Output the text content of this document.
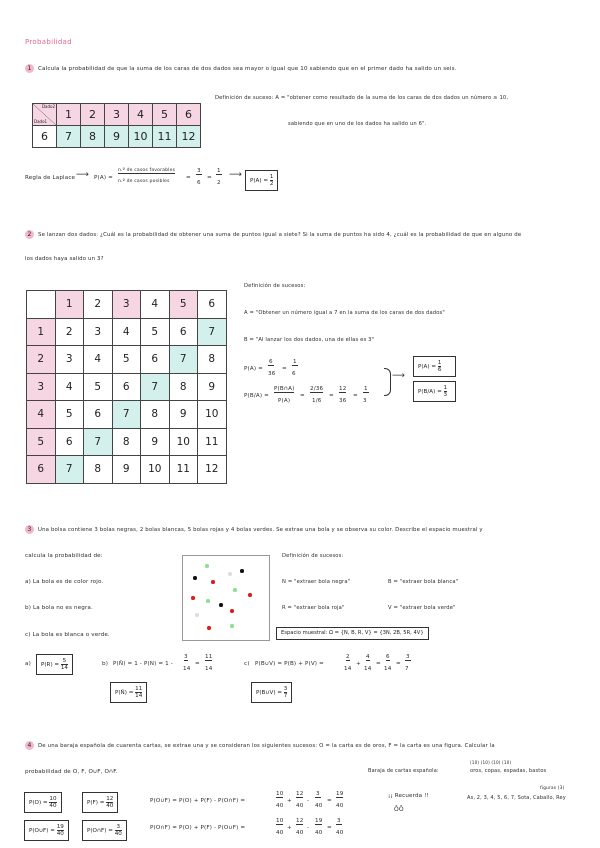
Probabilidad
1 Calcula la probabilidad de que la suma de los caras de dos dados sea mayor o igual que 10 sabiendo que en el primer dado ha salido un seis.
Dado2
Dado1	1	2	3	4	5	6
6	7	8	9	10	11	12
Definición de suceso: A = "obtener como resultado de la suma de los caras de dos dados un número ≥ 10,
sabiendo que en uno de los dados ha salido un 6".
Regla de Laplace ⟶ P(A) =
n.º de casos favorables
n.º de casos posibles
=
3
6
=
1
2
⟶
$P(A) = \frac{1}{2}$
2 Se lanzan dos dados: ¿Cuál es la probabilidad de obtener una suma de puntos igual a siete? Si la suma de puntos ha sido 4, ¿cuál es la probabilidad de que en alguno de
los dados haya salido un 3?
	1	2	3	4	5	6
1	2	3	4	5	6	7
2	3	4	5	6	7	8
3	4	5	6	7	8	9
4	5	6	7	8	9	10
5	6	7	8	9	10	11
6	7	8	9	10	11	12
Definición de sucesos:
A = "Obtener un número igual a 7 en la suma de los caras de dos dados"
B = "Al lanzar los dos dados, una de ellas es 3"
P(A) =
6
36
=
1
6
P(B/A) =
P(B∩A)
P(A)
=
2/36
1/6
=
12
36
=
1
3
⟶
$P(A) = \frac{1}{6}$
$P(B/A) = \frac{1}{3}$
3 Una bolsa contiene 3 bolas negras, 2 bolas blancas, 5 bolas rojas y 4 bolas verdes. Se extrae una bola y se observa su color. Describe el espacio muestral y
calcula la probabilidad de:
a) La bola es de color rojo.
b) La bola no es negra.
c) La bola es blanca o verde.
Definición de sucesos:
N = "extraer bola negra"	B = "extraer bola blanca"
R = "extraer bola roja"	V = "extraer bola verde"
Espacio muestral: Ω = {N, B, R, V} = {3N, 2B, 5R, 4V}
a)	$P(R) = \frac{5}{14}$	b) P(N̄) = 1 - P(N) = 1 -
3
14
=
11
14
P(N̄) = $\frac{11}{14}$
c) P(B∪V) = P(B) + P(V) =
2
14
+
4
14
=
6
14
=
3
7
P(B∪V) = $\frac{3}{7}$
4 De una baraja española de cuarenta cartas, se extrae una y se consideran los siguientes sucesos: O = la carta es de oros, F = la carta es una figura. Calcular la
probabilidad de O, F, O∪F, O∩F.
$P(O) = \frac{10}{40}$	$P(F) = \frac{12}{40}$	P(O∪F) = P(O) + P(F) - P(O∩F) =
10
40
+
12
40
-
3
40
=
19
40
P(O∪F) = $\frac{19}{40}$	P(O∩F) = $\frac{3}{40}$	P(O∩F) = P(O) + P(F) - P(O∪F) =
10
40
+
12
40
-
19
40
=
3
40
¡¡ Recuerda !!
ÔÔ
Baraja de cartas española:
(10) (10) (10) (10)
oros, copas, espadas, bastos
figuras (3)
As, 2, 3, 4, 5, 6, 7, Sota, Caballo, Rey
